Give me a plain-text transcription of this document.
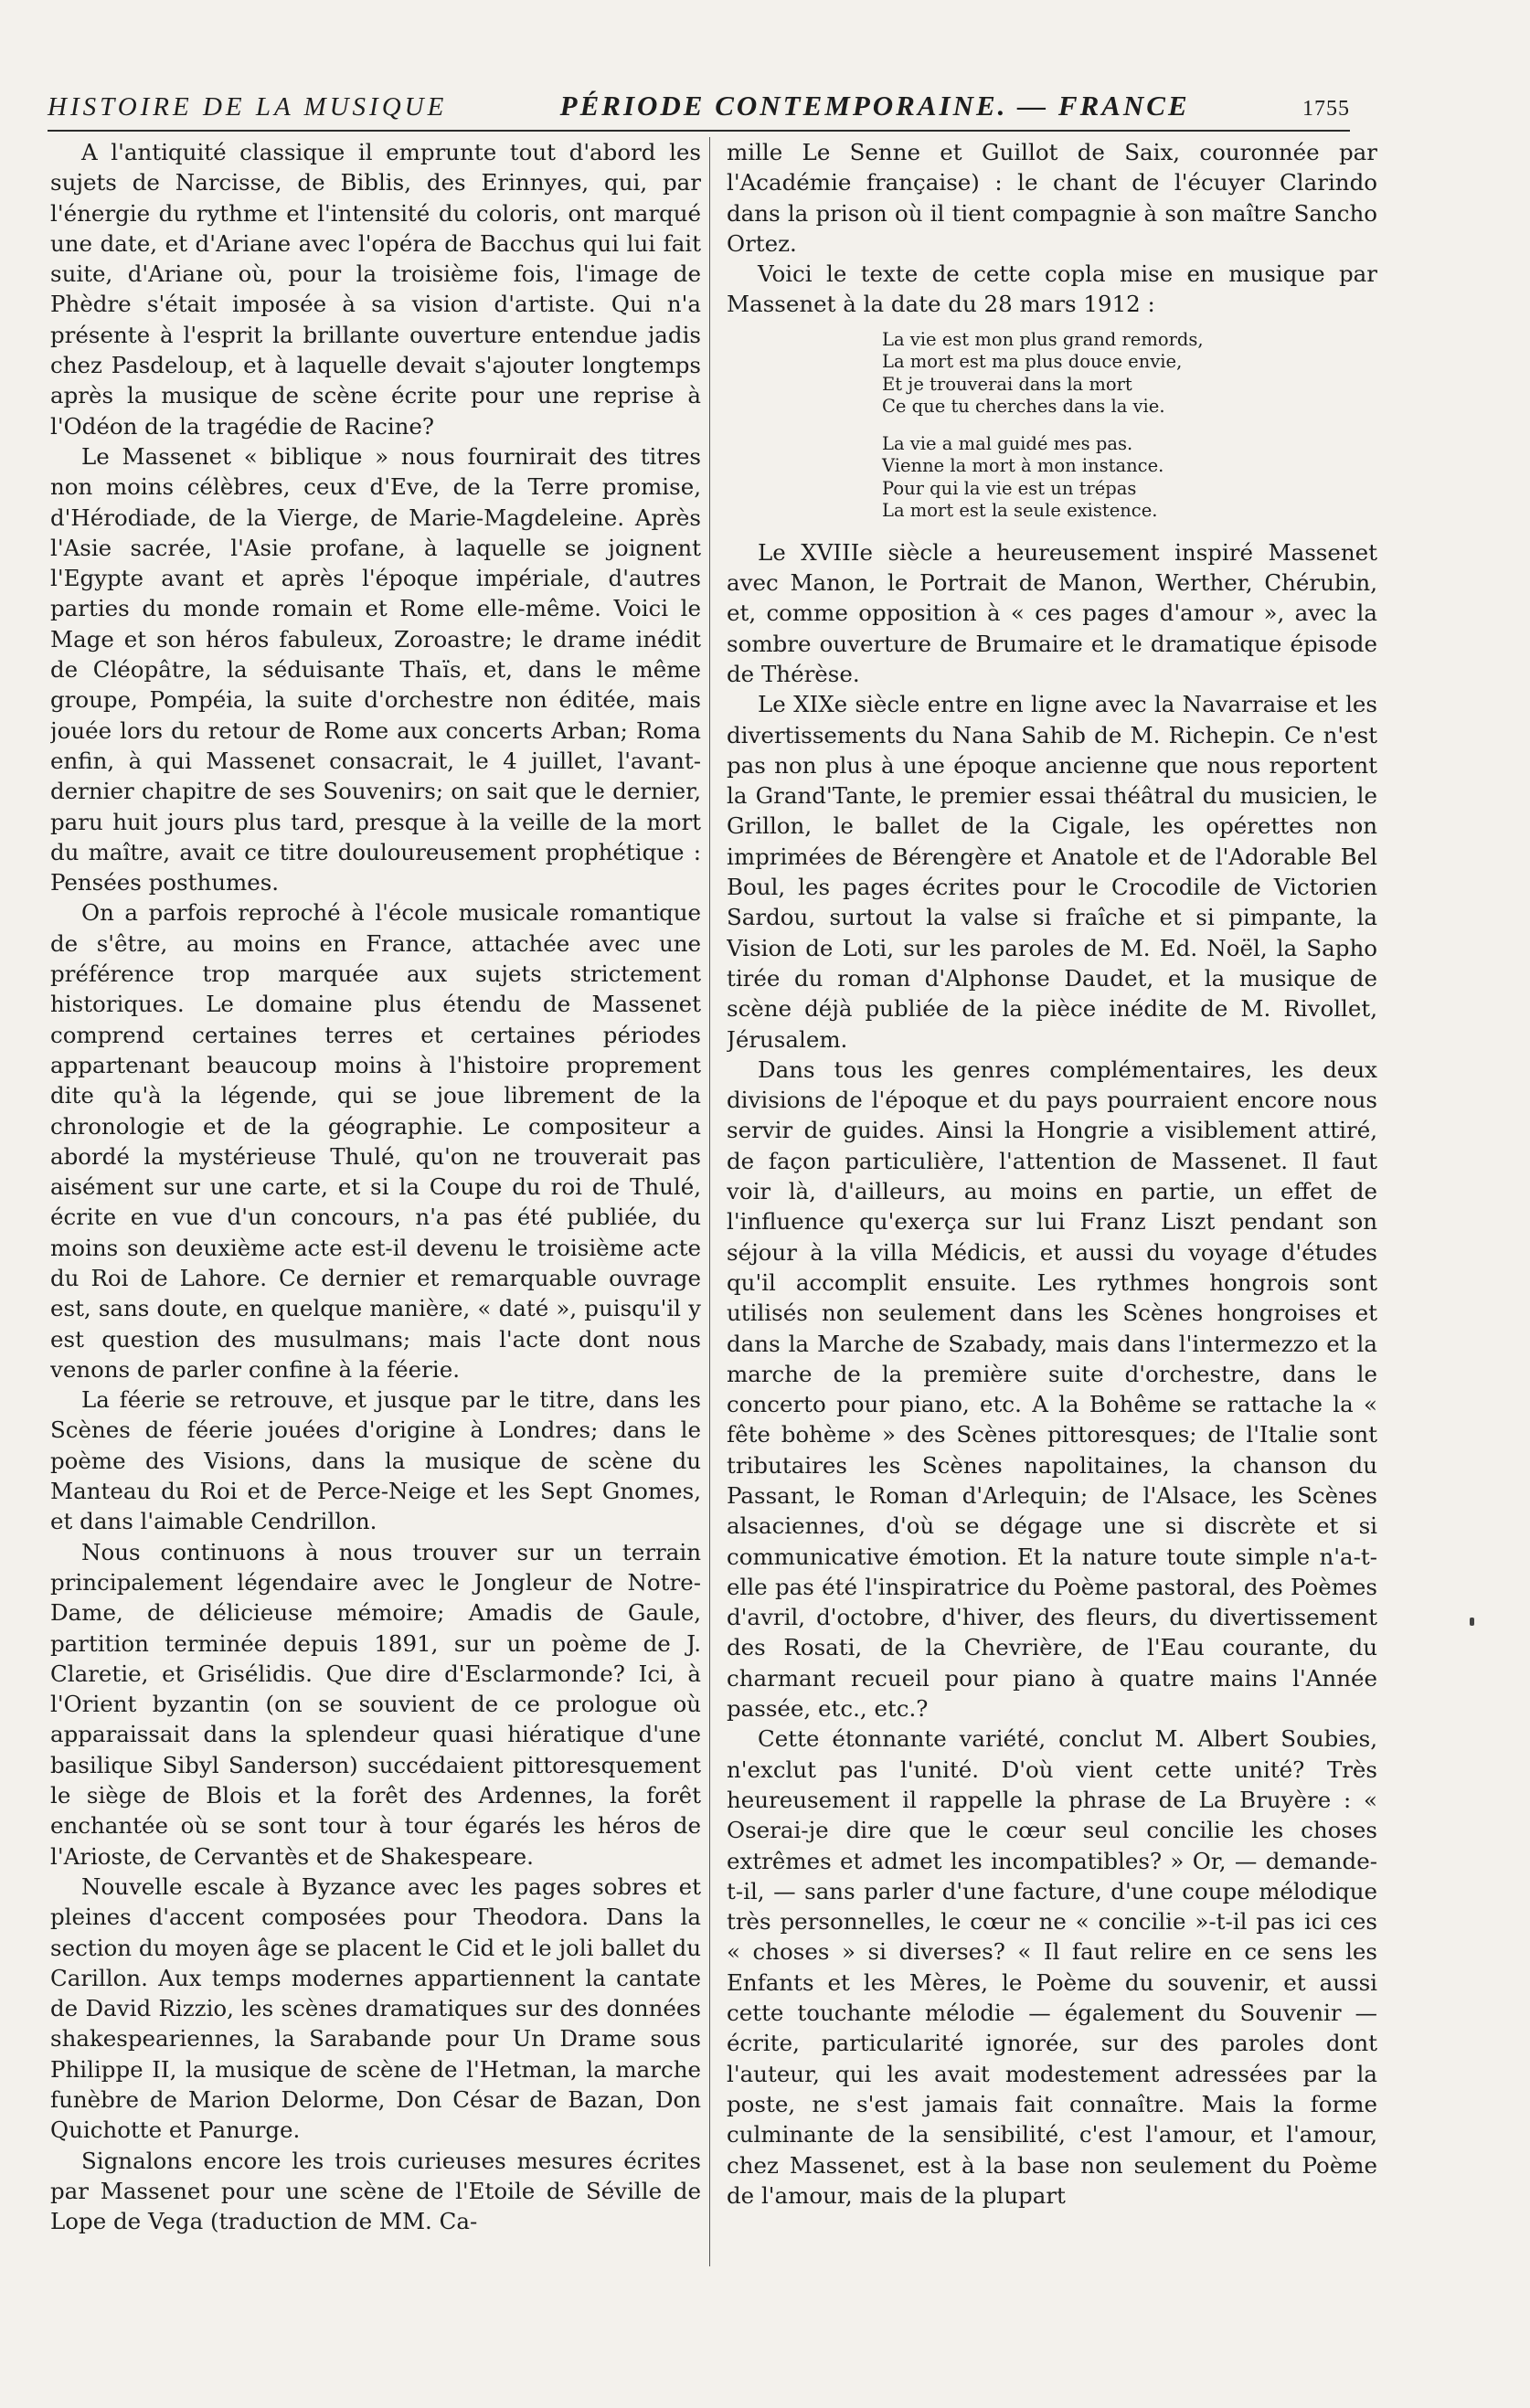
HISTOIRE DE LA MUSIQUE	PÉRIODE CONTEMPORAINE. — FRANCE	1755

A l'antiquité classique il emprunte tout d'abord les sujets de Narcisse, de Biblis, des Erinnyes, qui, par l'énergie du rythme et l'intensité du coloris, ont marqué une date, et d'Ariane avec l'opéra de Bacchus qui lui fait suite, d'Ariane où, pour la troisième fois, l'image de Phèdre s'était imposée à sa vision d'artiste. Qui n'a présente à l'esprit la brillante ouverture entendue jadis chez Pasdeloup, et à laquelle devait s'ajouter longtemps après la musique de scène écrite pour une reprise à l'Odéon de la tragédie de Racine?

Le Massenet « biblique » nous fournirait des titres non moins célèbres, ceux d'Eve, de la Terre promise, d'Hérodiade, de la Vierge, de Marie-Magdeleine. Après l'Asie sacrée, l'Asie profane, à laquelle se joignent l'Egypte avant et après l'époque impériale, d'autres parties du monde romain et Rome elle-même. Voici le Mage et son héros fabuleux, Zoroastre; le drame inédit de Cléopâtre, la séduisante Thaïs, et, dans le même groupe, Pompéia, la suite d'orchestre non éditée, mais jouée lors du retour de Rome aux concerts Arban; Roma enfin, à qui Massenet consacrait, le 4 juillet, l'avant-dernier chapitre de ses Souvenirs; on sait que le dernier, paru huit jours plus tard, presque à la veille de la mort du maître, avait ce titre douloureusement prophétique : Pensées posthumes.

On a parfois reproché à l'école musicale romantique de s'être, au moins en France, attachée avec une préférence trop marquée aux sujets strictement historiques. Le domaine plus étendu de Massenet comprend certaines terres et certaines périodes appartenant beaucoup moins à l'histoire proprement dite qu'à la légende, qui se joue librement de la chronologie et de la géographie. Le compositeur a abordé la mystérieuse Thulé, qu'on ne trouverait pas aisément sur une carte, et si la Coupe du roi de Thulé, écrite en vue d'un concours, n'a pas été publiée, du moins son deuxième acte est-il devenu le troisième acte du Roi de Lahore. Ce dernier et remarquable ouvrage est, sans doute, en quelque manière, « daté », puisqu'il y est question des musulmans; mais l'acte dont nous venons de parler confine à la féerie.

La féerie se retrouve, et jusque par le titre, dans les Scènes de féerie jouées d'origine à Londres; dans le poème des Visions, dans la musique de scène du Manteau du Roi et de Perce-Neige et les Sept Gnomes, et dans l'aimable Cendrillon.

Nous continuons à nous trouver sur un terrain principalement légendaire avec le Jongleur de Notre-Dame, de délicieuse mémoire; Amadis de Gaule, partition terminée depuis 1891, sur un poème de J. Claretie, et Grisélidis. Que dire d'Esclarmonde? Ici, à l'Orient byzantin (on se souvient de ce prologue où apparaissait dans la splendeur quasi hiératique d'une basilique Sibyl Sanderson) succédaient pittoresquement le siège de Blois et la forêt des Ardennes, la forêt enchantée où se sont tour à tour égarés les héros de l'Arioste, de Cervantès et de Shakespeare.

Nouvelle escale à Byzance avec les pages sobres et pleines d'accent composées pour Theodora. Dans la section du moyen âge se placent le Cid et le joli ballet du Carillon. Aux temps modernes appartiennent la cantate de David Rizzio, les scènes dramatiques sur des données shakespeariennes, la Sarabande pour Un Drame sous Philippe II, la musique de scène de l'Hetman, la marche funèbre de Marion Delorme, Don César de Bazan, Don Quichotte et Panurge.

Signalons encore les trois curieuses mesures écrites par Massenet pour une scène de l'Etoile de Séville de Lope de Vega (traduction de MM. Ca-

mille Le Senne et Guillot de Saix, couronnée par l'Académie française) : le chant de l'écuyer Clarindo dans la prison où il tient compagnie à son maître Sancho Ortez.

Voici le texte de cette copla mise en musique par Massenet à la date du 28 mars 1912 :

La vie est mon plus grand remords,
La mort est ma plus douce envie,
Et je trouverai dans la mort
Ce que tu cherches dans la vie.
La vie a mal guidé mes pas.
Vienne la mort à mon instance.
Pour qui la vie est un trépas
La mort est la seule existence.

Le XVIIIe siècle a heureusement inspiré Massenet avec Manon, le Portrait de Manon, Werther, Chérubin, et, comme opposition à « ces pages d'amour », avec la sombre ouverture de Brumaire et le dramatique épisode de Thérèse.

Le XIXe siècle entre en ligne avec la Navarraise et les divertissements du Nana Sahib de M. Richepin. Ce n'est pas non plus à une époque ancienne que nous reportent la Grand'Tante, le premier essai théâtral du musicien, le Grillon, le ballet de la Cigale, les opérettes non imprimées de Bérengère et Anatole et de l'Adorable Bel Boul, les pages écrites pour le Crocodile de Victorien Sardou, surtout la valse si fraîche et si pimpante, la Vision de Loti, sur les paroles de M. Ed. Noël, la Sapho tirée du roman d'Alphonse Daudet, et la musique de scène déjà publiée de la pièce inédite de M. Rivollet, Jérusalem.

Dans tous les genres complémentaires, les deux divisions de l'époque et du pays pourraient encore nous servir de guides. Ainsi la Hongrie a visiblement attiré, de façon particulière, l'attention de Massenet. Il faut voir là, d'ailleurs, au moins en partie, un effet de l'influence qu'exerça sur lui Franz Liszt pendant son séjour à la villa Médicis, et aussi du voyage d'études qu'il accomplit ensuite. Les rythmes hongrois sont utilisés non seulement dans les Scènes hongroises et dans la Marche de Szabady, mais dans l'intermezzo et la marche de la première suite d'orchestre, dans le concerto pour piano, etc. A la Bohême se rattache la « fête bohème » des Scènes pittoresques; de l'Italie sont tributaires les Scènes napolitaines, la chanson du Passant, le Roman d'Arlequin; de l'Alsace, les Scènes alsaciennes, d'où se dégage une si discrète et si communicative émotion. Et la nature toute simple n'a-t-elle pas été l'inspiratrice du Poème pastoral, des Poèmes d'avril, d'octobre, d'hiver, des fleurs, du divertissement des Rosati, de la Chevrière, de l'Eau courante, du charmant recueil pour piano à quatre mains l'Année passée, etc., etc.?

Cette étonnante variété, conclut M. Albert Soubies, n'exclut pas l'unité. D'où vient cette unité? Très heureusement il rappelle la phrase de La Bruyère : « Oserai-je dire que le cœur seul concilie les choses extrêmes et admet les incompatibles? » Or, — demande-t-il, — sans parler d'une facture, d'une coupe mélodique très personnelles, le cœur ne « concilie »-t-il pas ici ces « choses » si diverses? « Il faut relire en ce sens les Enfants et les Mères, le Poème du souvenir, et aussi cette touchante mélodie — également du Souvenir — écrite, particularité ignorée, sur des paroles dont l'auteur, qui les avait modestement adressées par la poste, ne s'est jamais fait connaître. Mais la forme culminante de la sensibilité, c'est l'amour, et l'amour, chez Massenet, est à la base non seulement du Poème de l'amour, mais de la plupart
